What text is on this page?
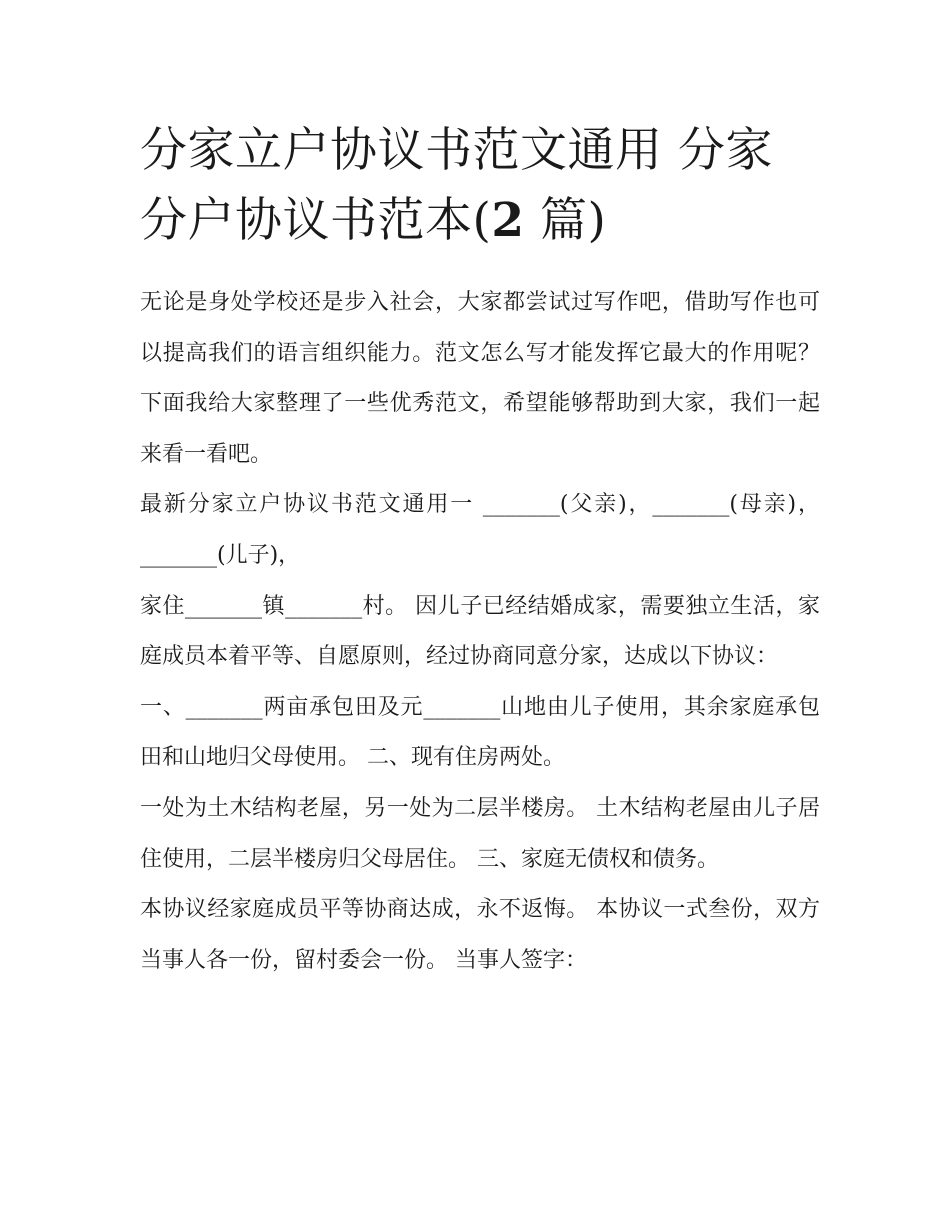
分家立户协议书范文通用 分家分户协议书范本(2 篇)

无论是身处学校还是步入社会，大家都尝试过写作吧，借助写作也可以提高我们的语言组织能力。范文怎么写才能发挥它最大的作用呢？下面我给大家整理了一些优秀范文，希望能够帮助到大家，我们一起来看一看吧。

最新分家立户协议书范文通用一 _______(父亲)，_______(母亲)，_______(儿子)，

家住_______镇_______村。 因儿子已经结婚成家，需要独立生活，家庭成员本着平等、自愿原则，经过协商同意分家，达成以下协议：

一、_______两亩承包田及元_______山地由儿子使用，其余家庭承包田和山地归父母使用。 二、现有住房两处。

一处为土木结构老屋，另一处为二层半楼房。 土木结构老屋由儿子居住使用，二层半楼房归父母居住。 三、家庭无债权和债务。

本协议经家庭成员平等协商达成，永不返悔。 本协议一式叁份，双方当事人各一份，留村委会一份。 当事人签字：
